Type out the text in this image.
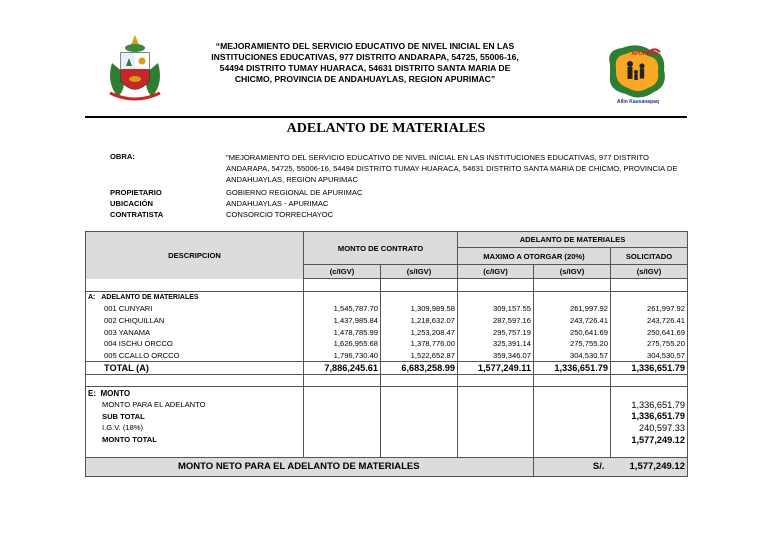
“MEJORAMIENTO DEL SERVICIO EDUCATIVO DE NIVEL INICIAL EN LAS INSTITUCIONES EDUCATIVAS, 977 DISTRITO ANDARAPA, 54725, 55006-16, 54494 DISTRITO TUMAY HUARACA, 54631 DISTRITO SANTA MARIA DE CHICMO, PROVINCIA DE ANDAHUAYLAS, REGION APURIMAC”
APURIMAC
Allin Kausanapaq
ADELANTO DE MATERIALES
OBRA:	"MEJORAMIENTO DEL SERVICIO EDUCATIVO DE NIVEL INICIAL EN LAS INSTITUCIONES EDUCATIVAS, 977 DISTRITO ANDARAPA, 54725, 55006-16, 54494 DISTRITO TUMAY HUARACA, 54631 DISTRITO SANTA MARIA DE CHICMO, PROVINCIA DE ANDAHUAYLAS, REGION APURIMAC
PROPIETARIO	GOBIERNO REGIONAL DE APURIMAC
UBICACIÓN	ANDAHUAYLAS - APURIMAC
CONTRATISTA	CONSORCIO TORRECHAYOC
DESCRIPCION	MONTO DE CONTRATO		ADELANTO DE MATERIALES		
			MAXIMO A OTORGAR (20%)		SOLICITADO
	(c/IGV)	(s/IGV)	(c/IGV)	(s/IGV)	(s/IGV)

A: ADELANTO DE MATERIALES					
001 CUNYARI	1,545,787.70	1,309,989.58	309,157.55	261,997.92	261,997.92
002 CHIQUILLAN	1,437,985.84	1,218,632.07	287,597.16	243,726.41	243,726.41
003 YANAMA	1,478,785.99	1,253,208.47	295,757.19	250,641.69	250,641.69
004 ISCHU ORCCO	1,626,955.68	1,378,776.00	325,391.14	275,755.20	275,755.20
005 CCALLO ORCCO	1,796,730.40	1,522,652.87	359,346.07	304,530.57	304,530.57
TOTAL (A)	7,886,245.61	6,683,258.99	1,577,249.11	1,336,651.79	1,336,651.79

E: MONTO					
MONTO PARA EL ADELANTO					1,336,651.79
SUB TOTAL					1,336,651.79
I.G.V. (18%)					240,597.33
MONTO TOTAL					1,577,249.12

MONTO NETO PARA EL ADELANTO DE MATERIALES				S/.	1,577,249.12
